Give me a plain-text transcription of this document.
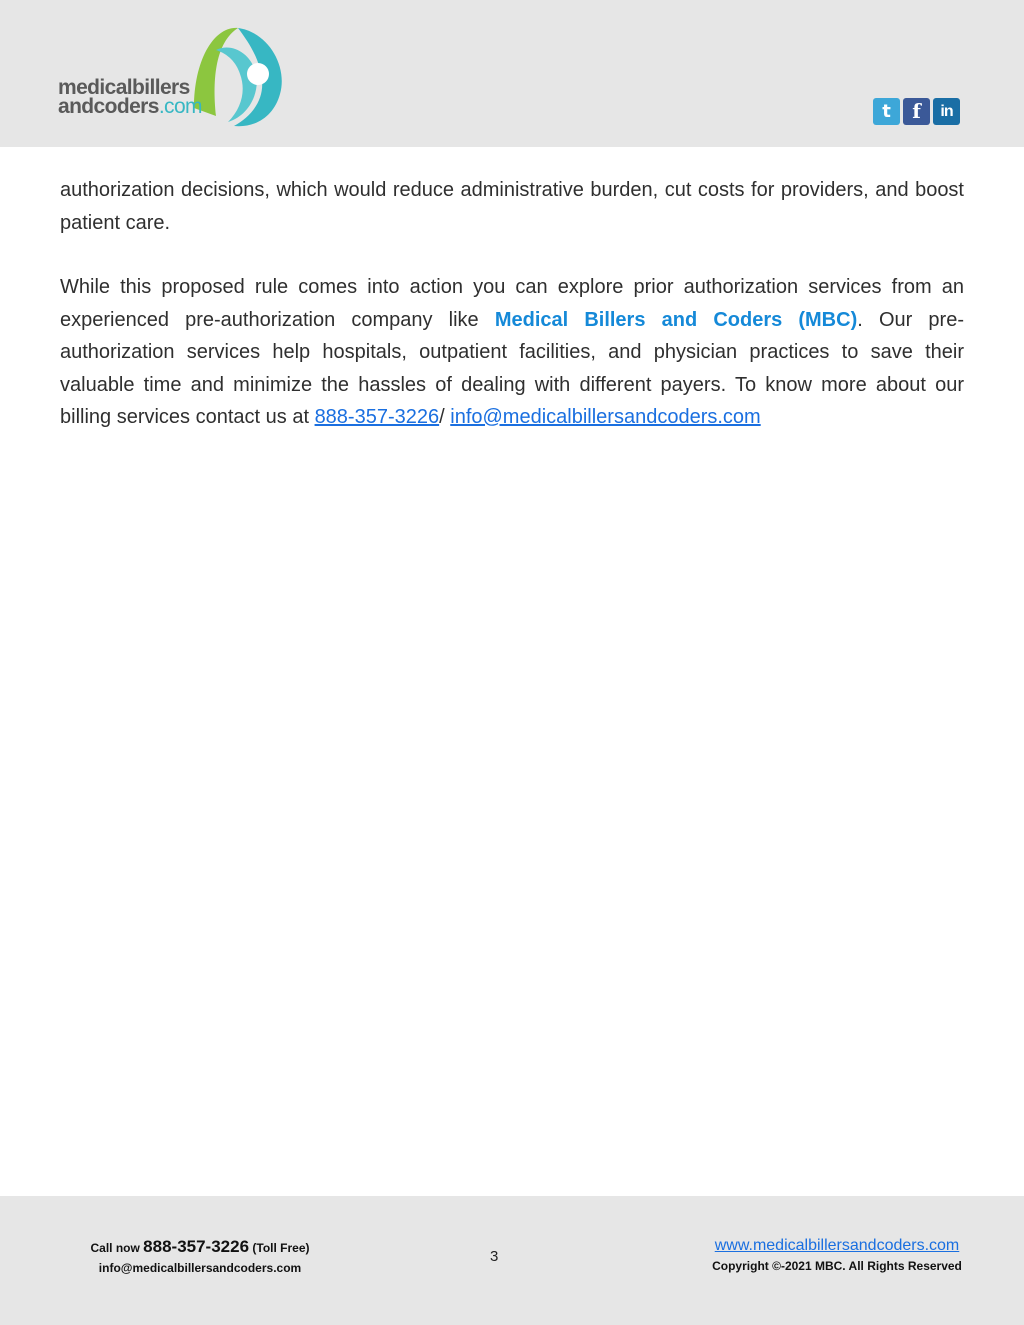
medicalbillers
andcoders.com	t f in

authorization decisions, which would reduce administrative burden, cut costs for providers, and boost patient care.

While this proposed rule comes into action you can explore prior authorization services from an experienced pre-authorization company like Medical Billers and Coders (MBC). Our pre-authorization services help hospitals, outpatient facilities, and physician practices to save their valuable time and minimize the hassles of dealing with different payers. To know more about our billing services contact us at 888-357-3226/ info@medicalbillersandcoders.com

Call now 888-357-3226 (Toll Free)
info@medicalbillersandcoders.com
3
www.medicalbillersandcoders.com
Copyright ©-2021 MBC. All Rights Reserved
